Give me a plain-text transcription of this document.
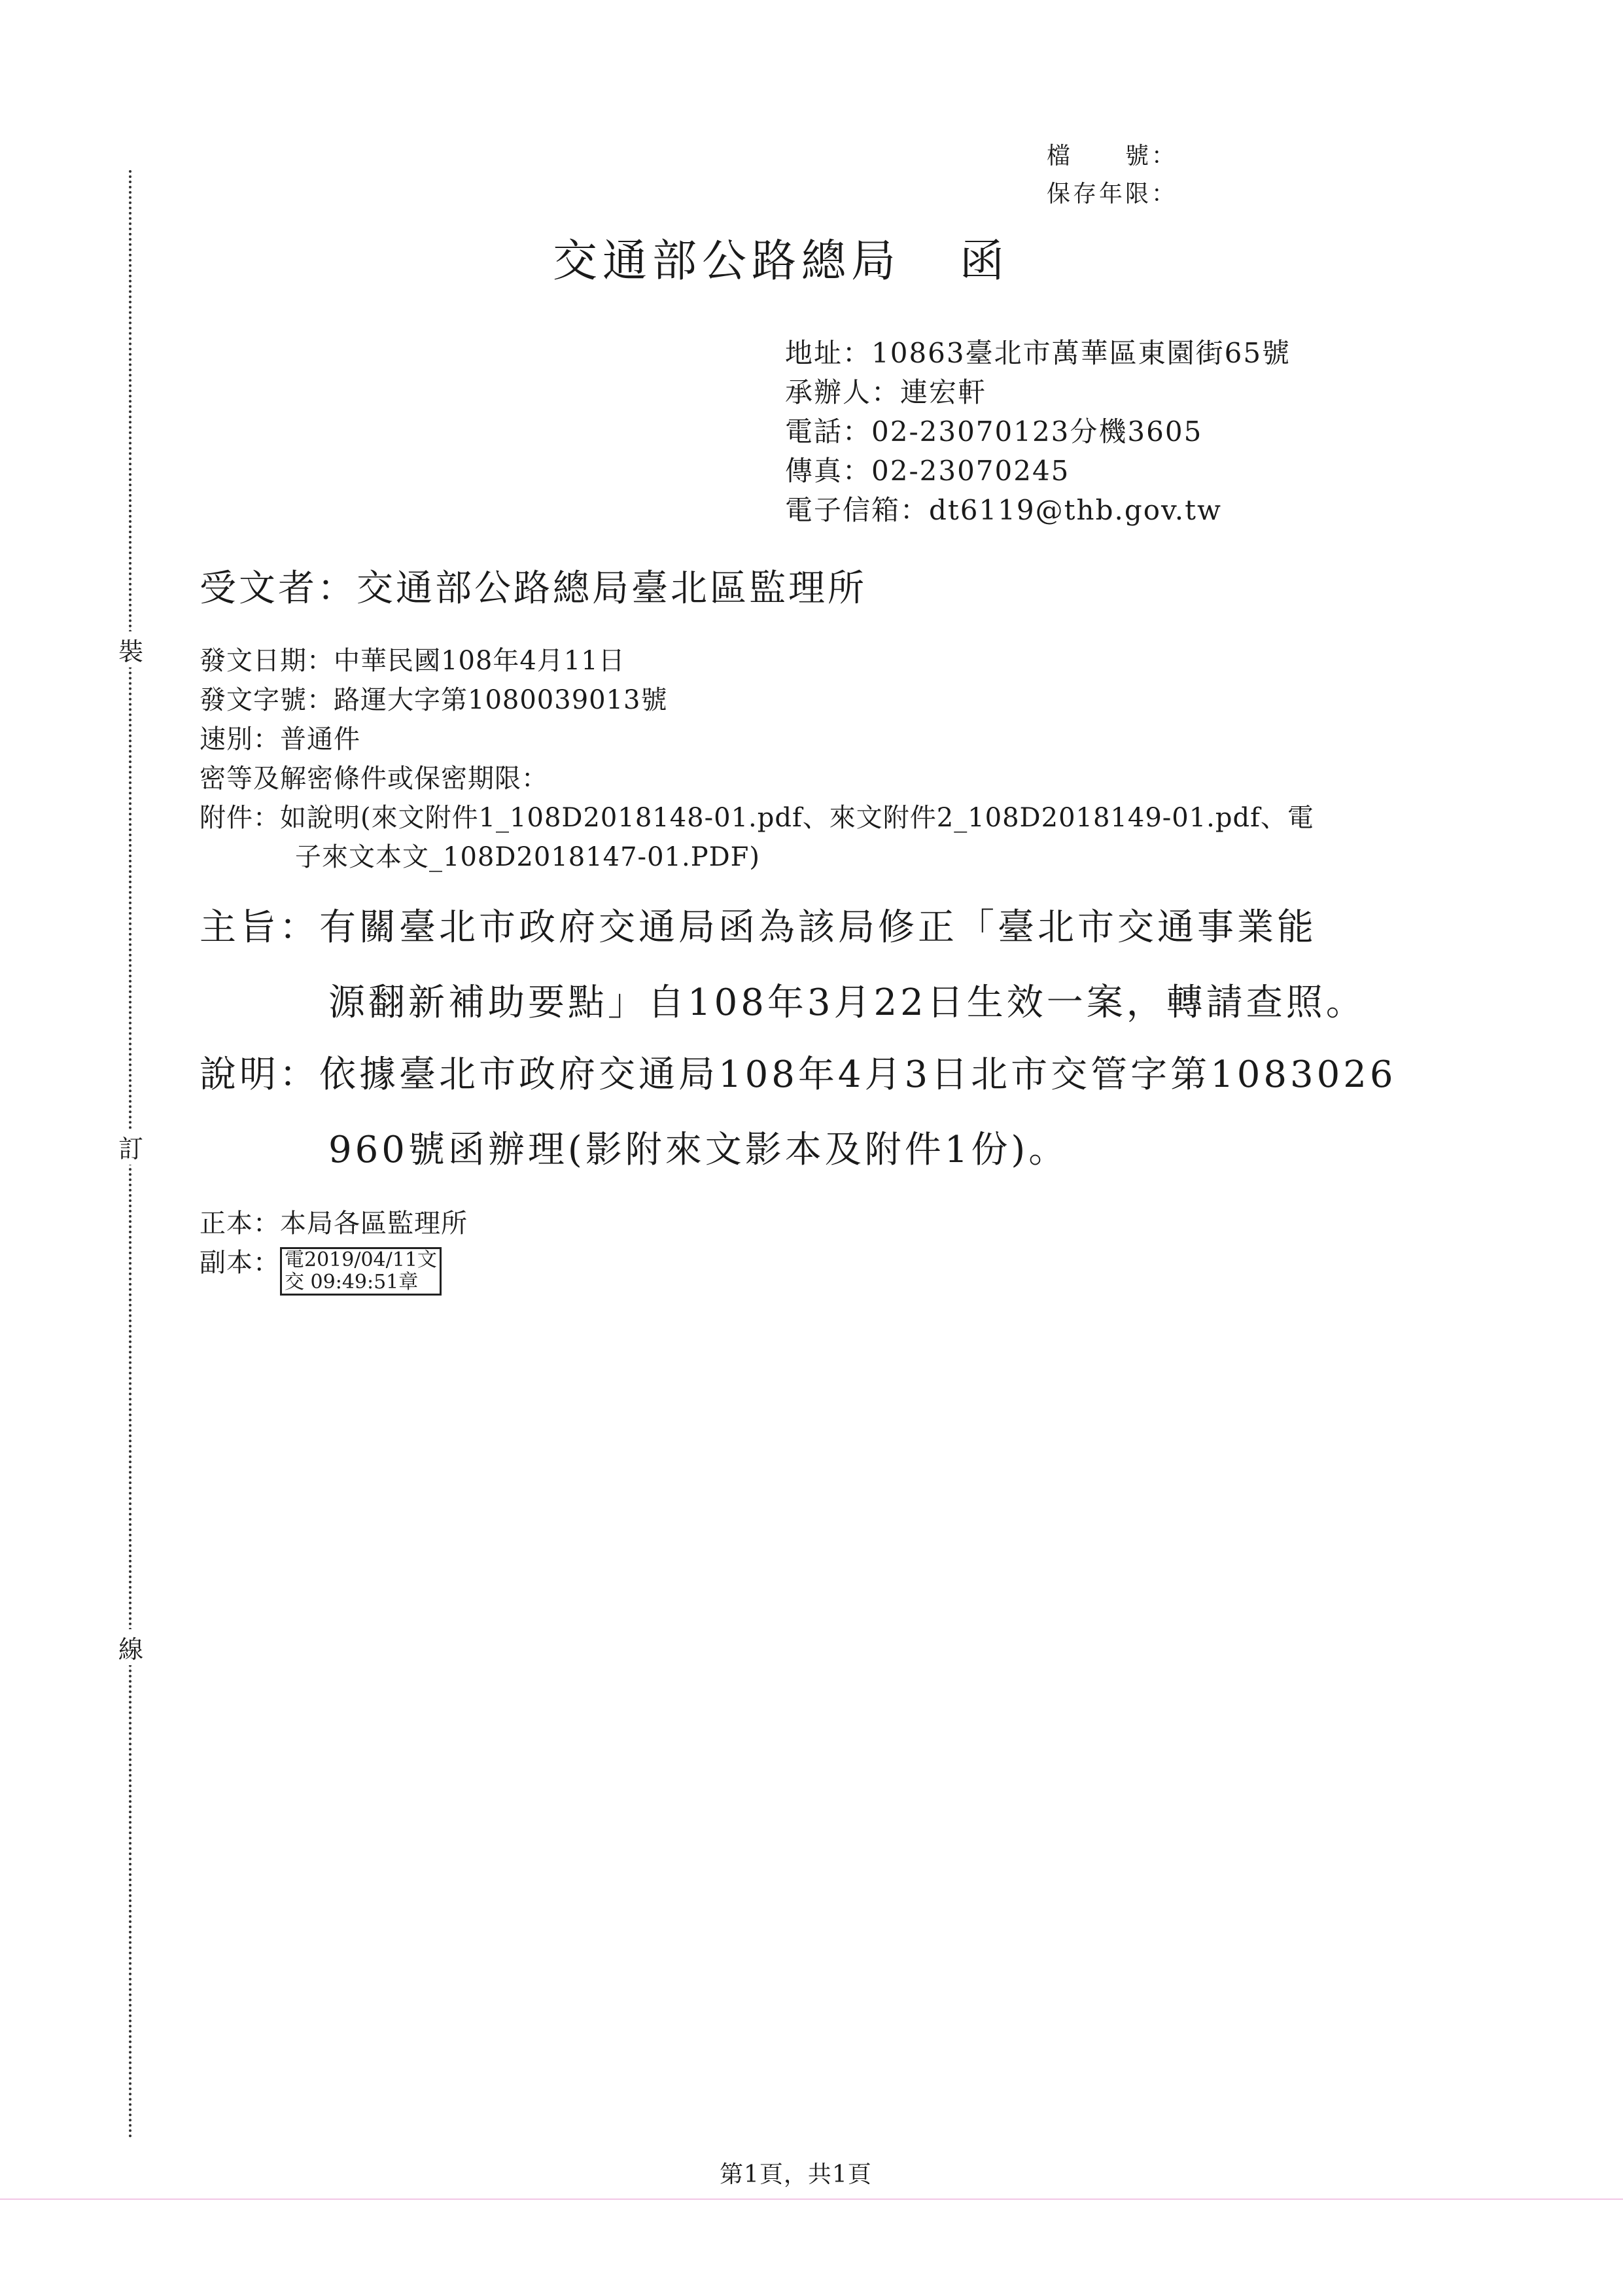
裝
訂
線
檔　　號：
保存年限：
交通部公路總局 函
地址：10863臺北市萬華區東園街65號
承辦人：連宏軒
電話：02-23070123分機3605
傳真：02-23070245
電子信箱：dt6119@thb.gov.tw
受文者：交通部公路總局臺北區監理所
發文日期：中華民國108年4月11日
發文字號：路運大字第1080039013號
速別：普通件
密等及解密條件或保密期限：
附件：如說明(來文附件1_108D2018148-01.pdf、來文附件2_108D2018149-01.pdf、電
子來文本文_108D2018147-01.PDF)
主旨：有關臺北市政府交通局函為該局修正「臺北市交通事業能
源翻新補助要點」自108年3月22日生效一案，轉請查照。
說明：依據臺北市政府交通局108年4月3日北市交管字第1083026
960號函辦理(影附來文影本及附件1份)。
正本：本局各區監理所
副本： 電2019/04/11文
交 09:49:51章
第1頁，共1頁
